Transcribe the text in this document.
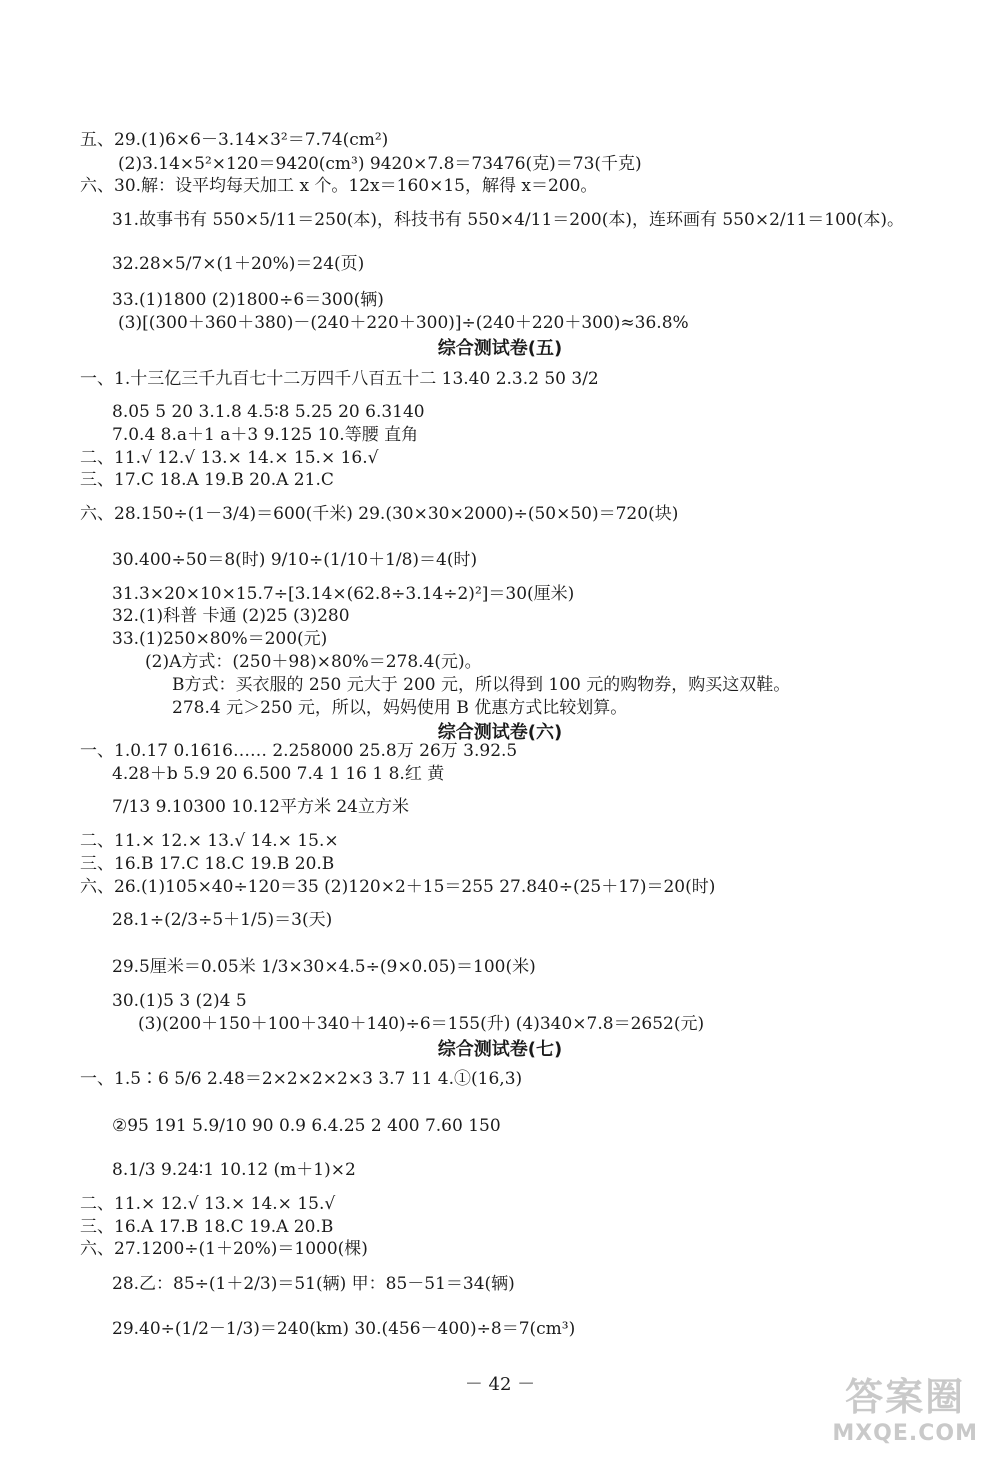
五、29.(1)6×6－3.14×3²＝7.74(cm²)
(2)3.14×5²×120＝9420(cm³) 9420×7.8＝73476(克)＝73(千克)
六、30.解：设平均每天加工 x 个。12x＝160×15，解得 x＝200。
31.故事书有 550×5/11＝250(本)，科技书有 550×4/11＝200(本)，连环画有 550×2/11＝100(本)。
32.28×5/7×(1＋20%)＝24(页)
33.(1)1800 (2)1800÷6＝300(辆)
(3)[(300＋360＋380)－(240＋220＋300)]÷(240＋220＋300)≈36.8%
综合测试卷(五)
一、1.十三亿三千九百七十二万四千八百五十二 13.40 2.3.2 50 3/2
8.05 5 20 3.1.8 4.5∶8 5.25 20 6.3140
7.0.4 8.a＋1 a＋3 9.125 10.等腰 直角
二、11.√ 12.√ 13.× 14.× 15.× 16.√
三、17.C 18.A 19.B 20.A 21.C
六、28.150÷(1－3/4)＝600(千米) 29.(30×30×2000)÷(50×50)＝720(块)
30.400÷50＝8(时) 9/10÷(1/10＋1/8)＝4(时)
31.3×20×10×15.7÷[3.14×(62.8÷3.14÷2)²]＝30(厘米)
32.(1)科普 卡通 (2)25 (3)280
33.(1)250×80%＝200(元)
(2)A方式：(250＋98)×80%＝278.4(元)。
B方式：买衣服的 250 元大于 200 元，所以得到 100 元的购物券，购买这双鞋。
278.4 元＞250 元，所以，妈妈使用 B 优惠方式比较划算。
综合测试卷(六)
一、1.0.17 0.1616…… 2.258000 25.8万 26万 3.92.5
4.28＋b 5.9 20 6.500 7.4 1 16 1 8.红 黄
7/13 9.10300 10.12平方米 24立方米
二、11.× 12.× 13.√ 14.× 15.×
三、16.B 17.C 18.C 19.B 20.B
六、26.(1)105×40÷120＝35 (2)120×2＋15＝255 27.840÷(25＋17)＝20(时)
28.1÷(2/3÷5＋1/5)＝3(天)
29.5厘米＝0.05米 1/3×30×4.5÷(9×0.05)＝100(米)
30.(1)5 3 (2)4 5
(3)(200＋150＋100＋340＋140)÷6＝155(升) (4)340×7.8＝2652(元)
综合测试卷(七)
一、1.5∶6 5/6 2.48＝2×2×2×2×3 3.7 11 4.①(16,3)
②95 191 5.9/10 90 0.9 6.4.25 2 400 7.60 150
8.1/3 9.24∶1 10.12 (m＋1)×2
二、11.× 12.√ 13.× 14.× 15.√
三、16.A 17.B 18.C 19.A 20.B
六、27.1200÷(1＋20%)＝1000(棵)
28.乙：85÷(1＋2/3)＝51(辆) 甲：85－51＝34(辆)
29.40÷(1/2－1/3)＝240(km) 30.(456－400)÷8＝7(cm³)
－ 42 －	答案圈
MXQE.COM
